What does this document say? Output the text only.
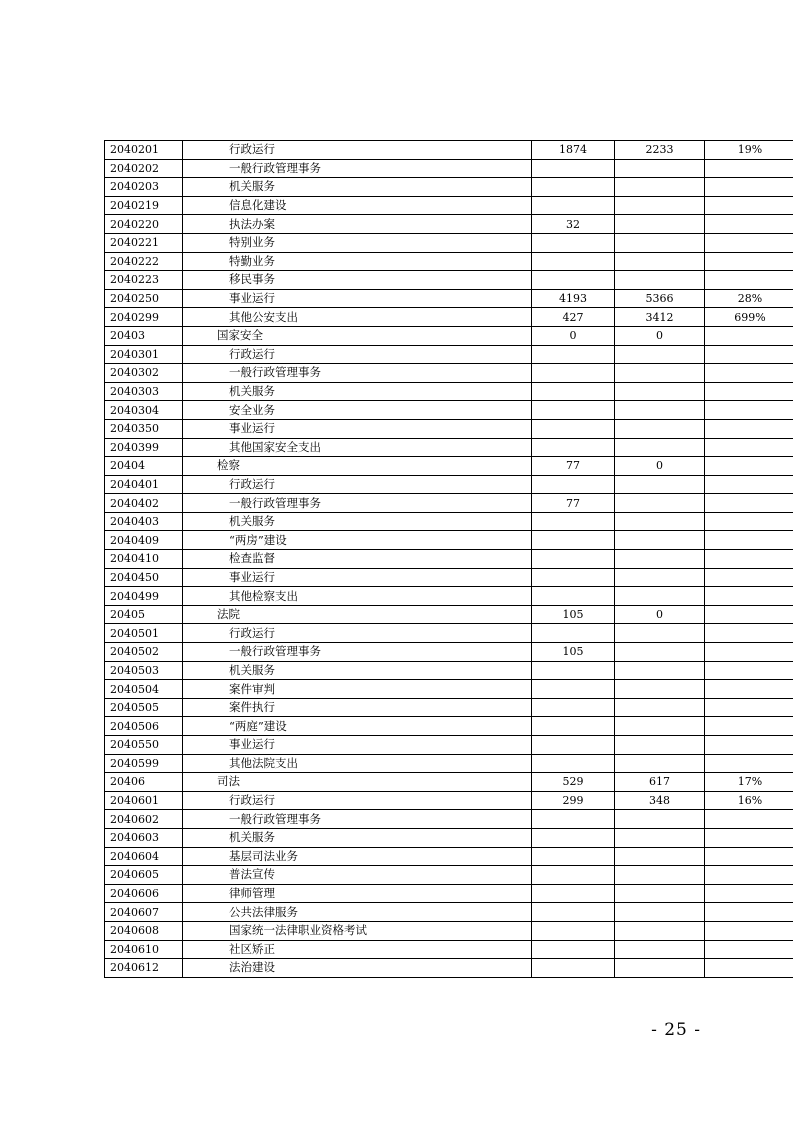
2040201	行政运行	1874	2233	19%
2040202	一般行政管理事务			
2040203	机关服务			
2040219	信息化建设			
2040220	执法办案	32		
2040221	特别业务			
2040222	特勤业务			
2040223	移民事务			
2040250	事业运行	4193	5366	28%
2040299	其他公安支出	427	3412	699%
20403	国家安全	0	0	
2040301	行政运行			
2040302	一般行政管理事务			
2040303	机关服务			
2040304	安全业务			
2040350	事业运行			
2040399	其他国家安全支出			
20404	检察	77	0	
2040401	行政运行			
2040402	一般行政管理事务	77		
2040403	机关服务			
2040409	“两房”建设			
2040410	检查监督			
2040450	事业运行			
2040499	其他检察支出			
20405	法院	105	0	
2040501	行政运行			
2040502	一般行政管理事务	105		
2040503	机关服务			
2040504	案件审判			
2040505	案件执行			
2040506	“两庭”建设			
2040550	事业运行			
2040599	其他法院支出			
20406	司法	529	617	17%
2040601	行政运行	299	348	16%
2040602	一般行政管理事务			
2040603	机关服务			
2040604	基层司法业务			
2040605	普法宣传			
2040606	律师管理			
2040607	公共法律服务			
2040608	国家统一法律职业资格考试			
2040610	社区矫正			
2040612	法治建设			
- 25 -
